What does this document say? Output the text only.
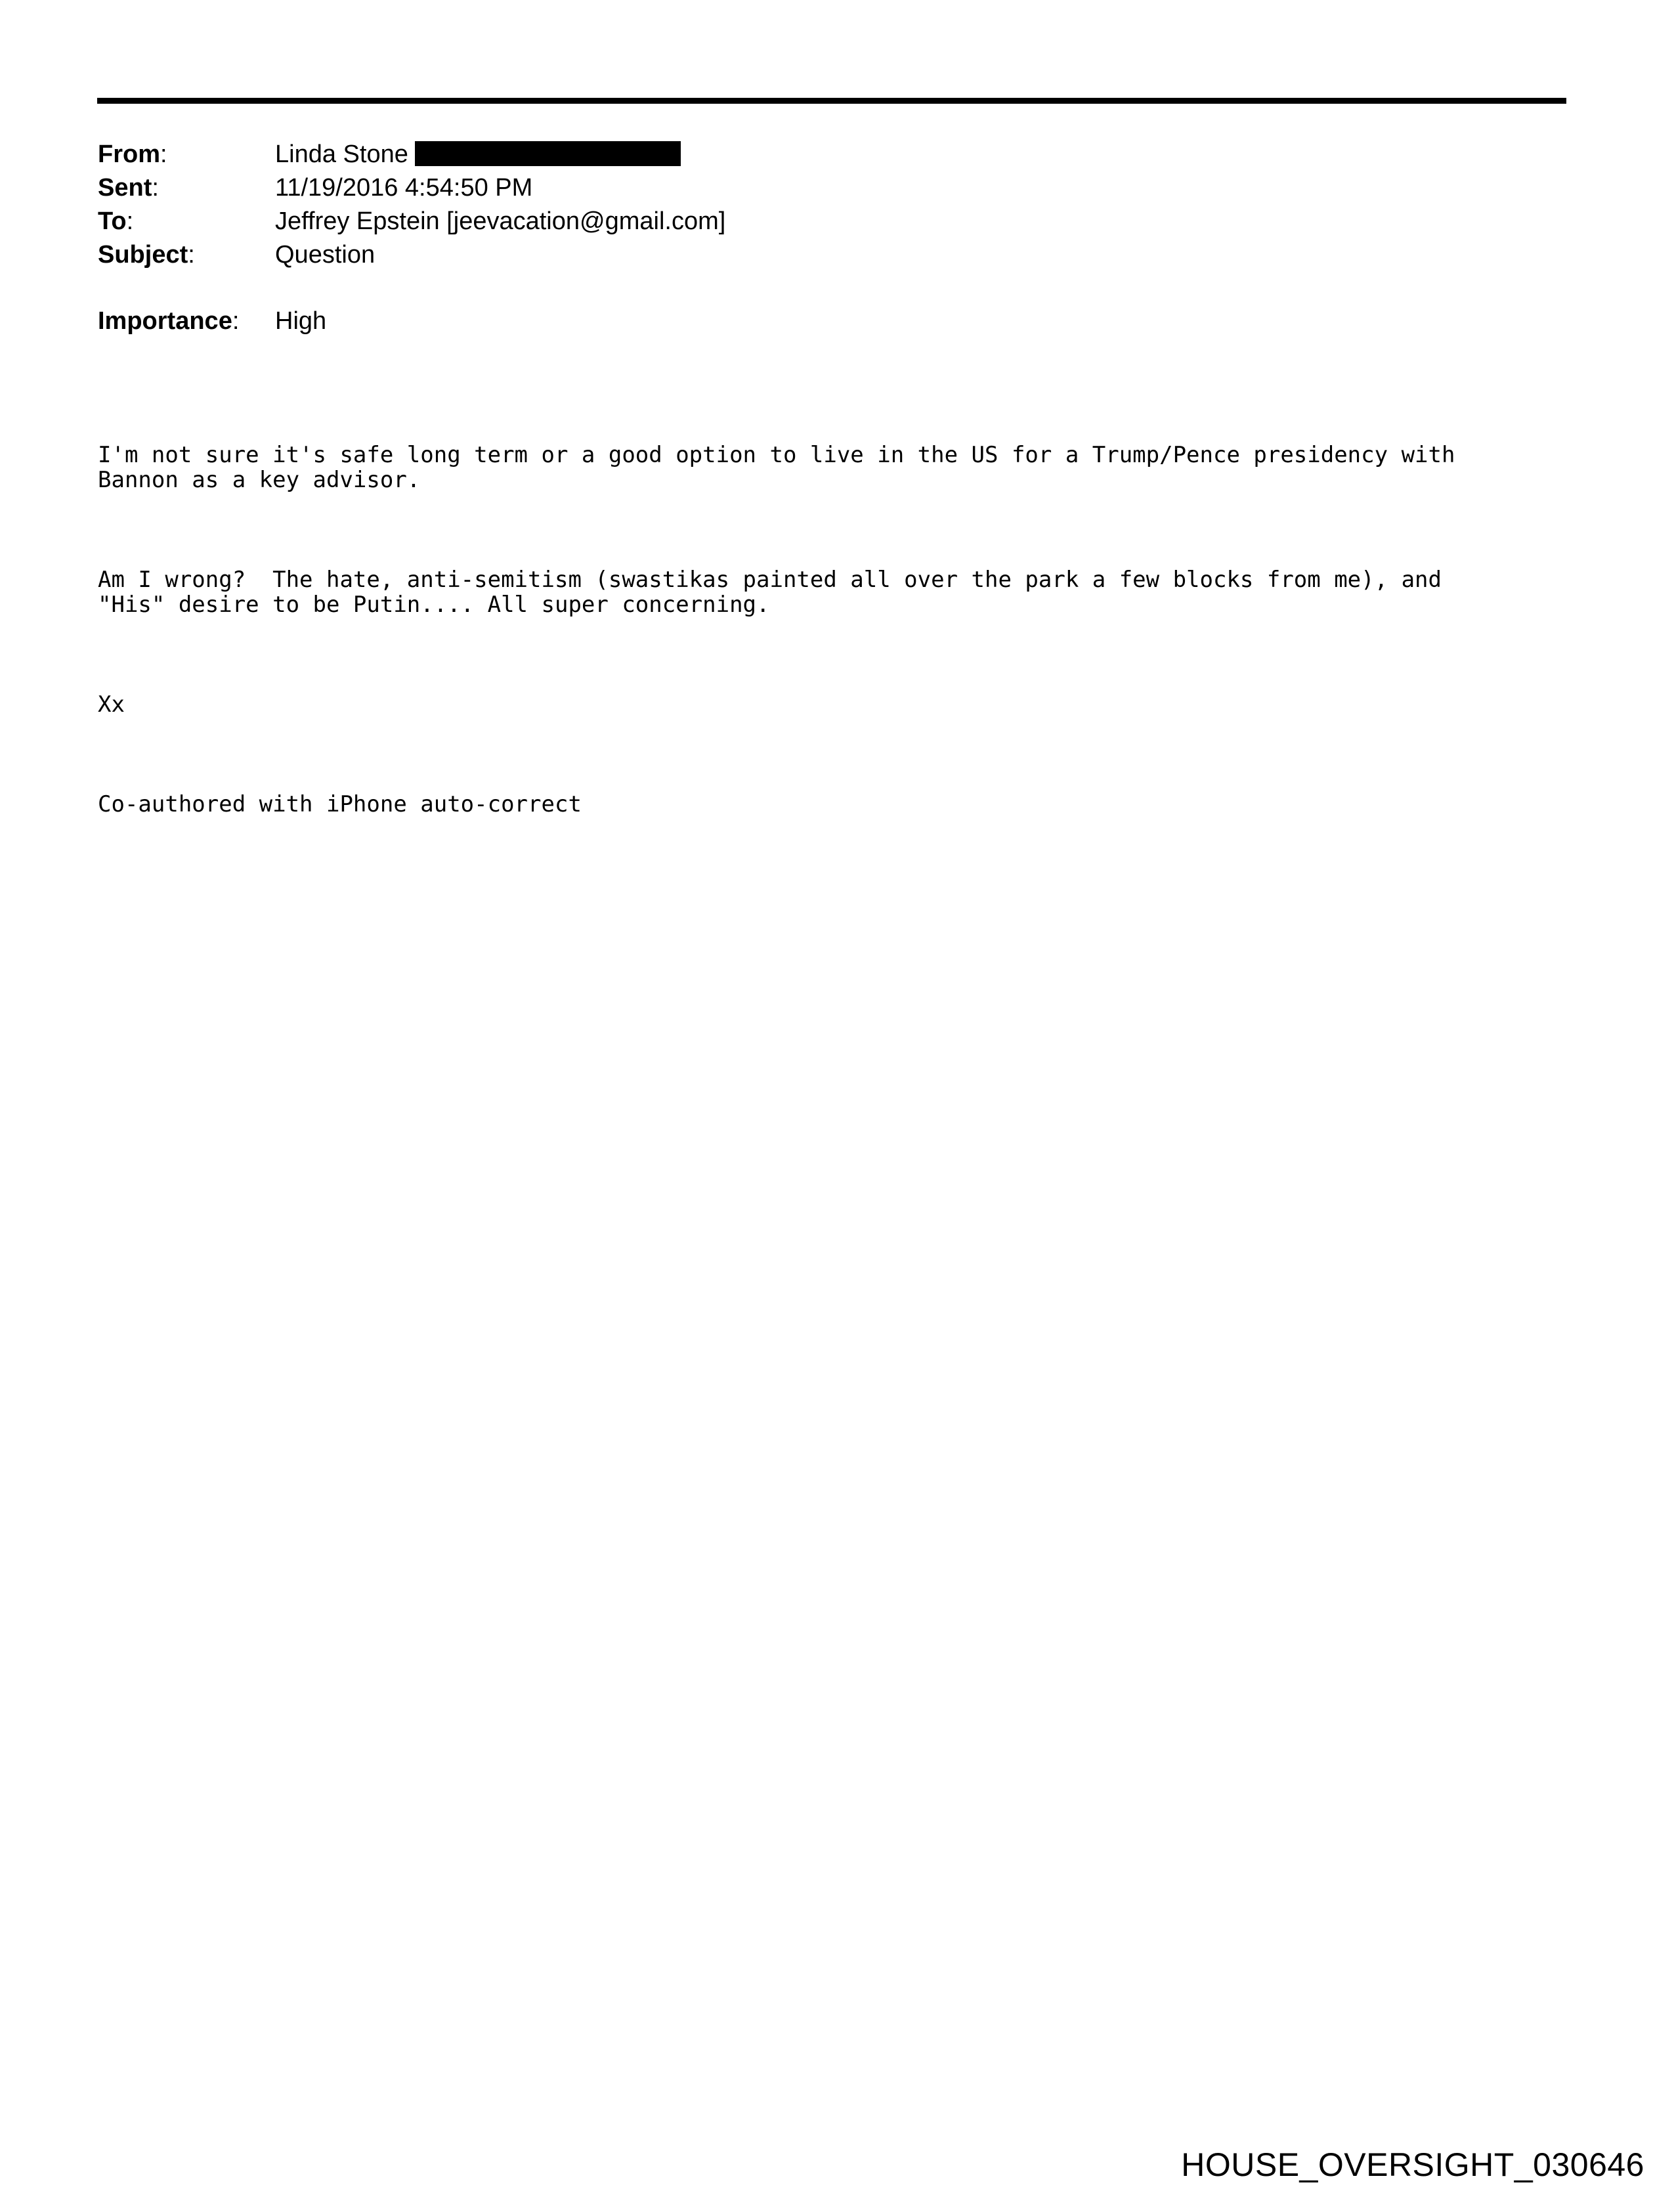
From:	Linda Stone
Sent:	11/19/2016 4:54:50 PM
To:	Jeffrey Epstein [jeevacation@gmail.com]
Subject:	Question
Importance:	High

I'm not sure it's safe long term or a good option to live in the US for a Trump/Pence presidency with
Bannon as a key advisor.

Am I wrong?  The hate, anti-semitism (swastikas painted all over the park a few blocks from me), and
"His" desire to be Putin.... All super concerning.

Xx

Co-authored with iPhone auto-correct

HOUSE_OVERSIGHT_030646
